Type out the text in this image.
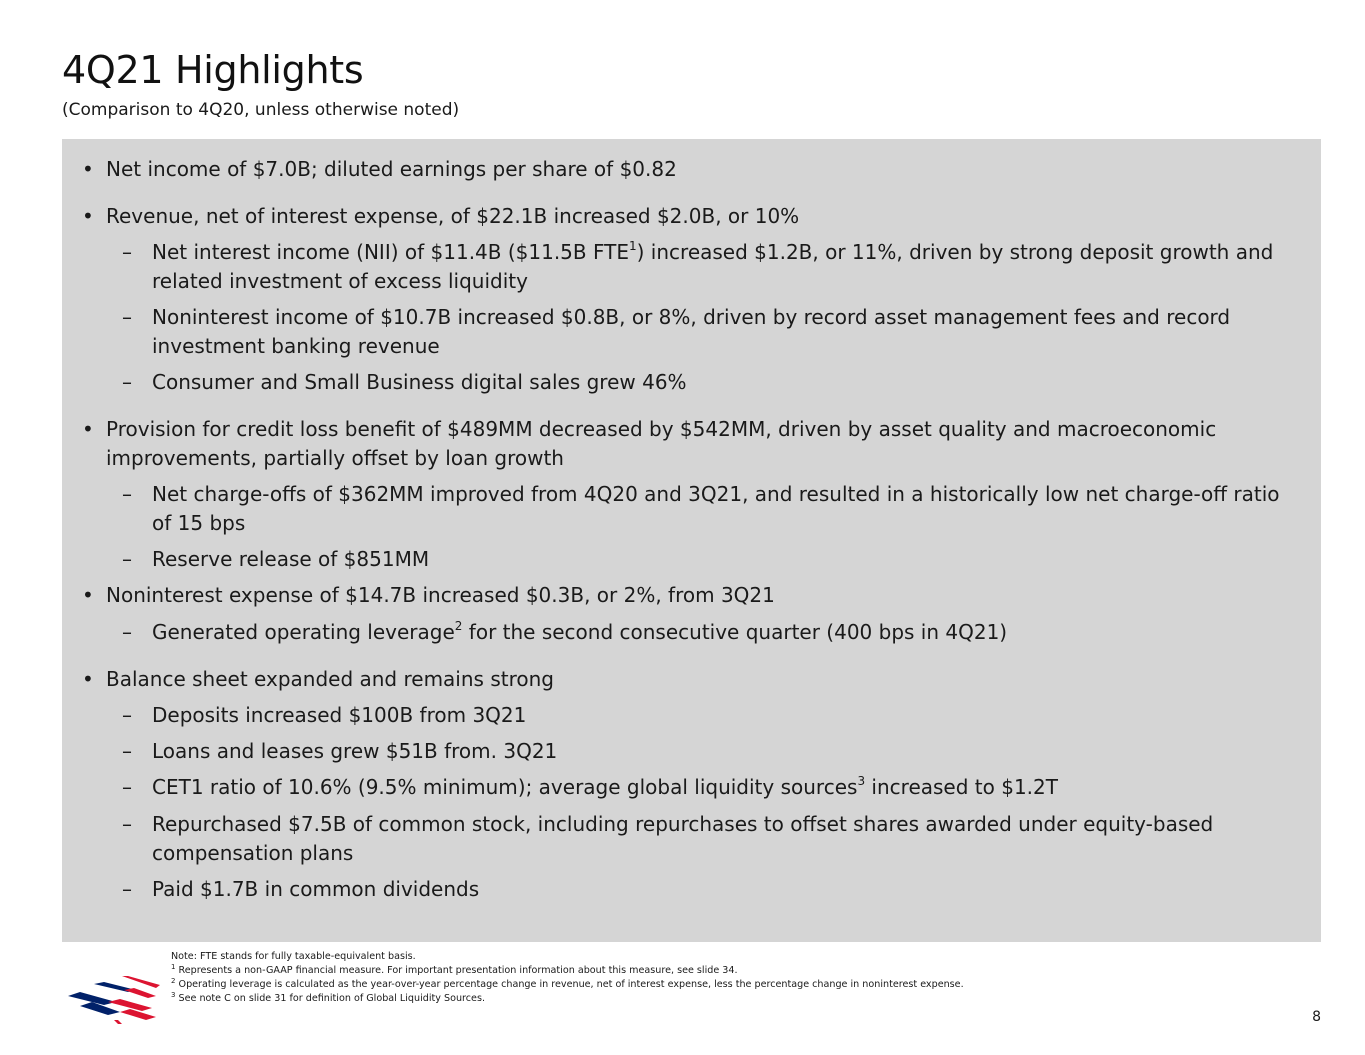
4Q21 Highlights
(Comparison to 4Q20, unless otherwise noted)
• Net income of $7.0B; diluted earnings per share of $0.82
• Revenue, net of interest expense, of $22.1B increased $2.0B, or 10%
– Net interest income (NII) of $11.4B ($11.5B FTE$^1$) increased $1.2B, or 11%, driven by strong deposit growth and related investment of excess liquidity
– Noninterest income of $10.7B increased $0.8B, or 8%, driven by record asset management fees and record investment banking revenue
– Consumer and Small Business digital sales grew 46%
• Provision for credit loss benefit of $489MM decreased by $542MM, driven by asset quality and macroeconomic improvements, partially offset by loan growth
– Net charge-offs of $362MM improved from 4Q20 and 3Q21, and resulted in a historically low net charge-off ratio of 15 bps
– Reserve release of $851MM
• Noninterest expense of $14.7B increased $0.3B, or 2%, from 3Q21
– Generated operating leverage$^2$ for the second consecutive quarter (400 bps in 4Q21)
• Balance sheet expanded and remains strong
– Deposits increased $100B from 3Q21
– Loans and leases grew $51B from. 3Q21
– CET1 ratio of 10.6% (9.5% minimum); average global liquidity sources$^3$ increased to $1.2T
– Repurchased $7.5B of common stock, including repurchases to offset shares awarded under equity-based compensation plans
– Paid $1.7B in common dividends
Note: FTE stands for fully taxable-equivalent basis.
$^1$ Represents a non-GAAP financial measure. For important presentation information about this measure, see slide 34.
$^2$ Operating leverage is calculated as the year-over-year percentage change in revenue, net of interest expense, less the percentage change in noninterest expense.
$^3$ See note C on slide 31 for definition of Global Liquidity Sources.
8
